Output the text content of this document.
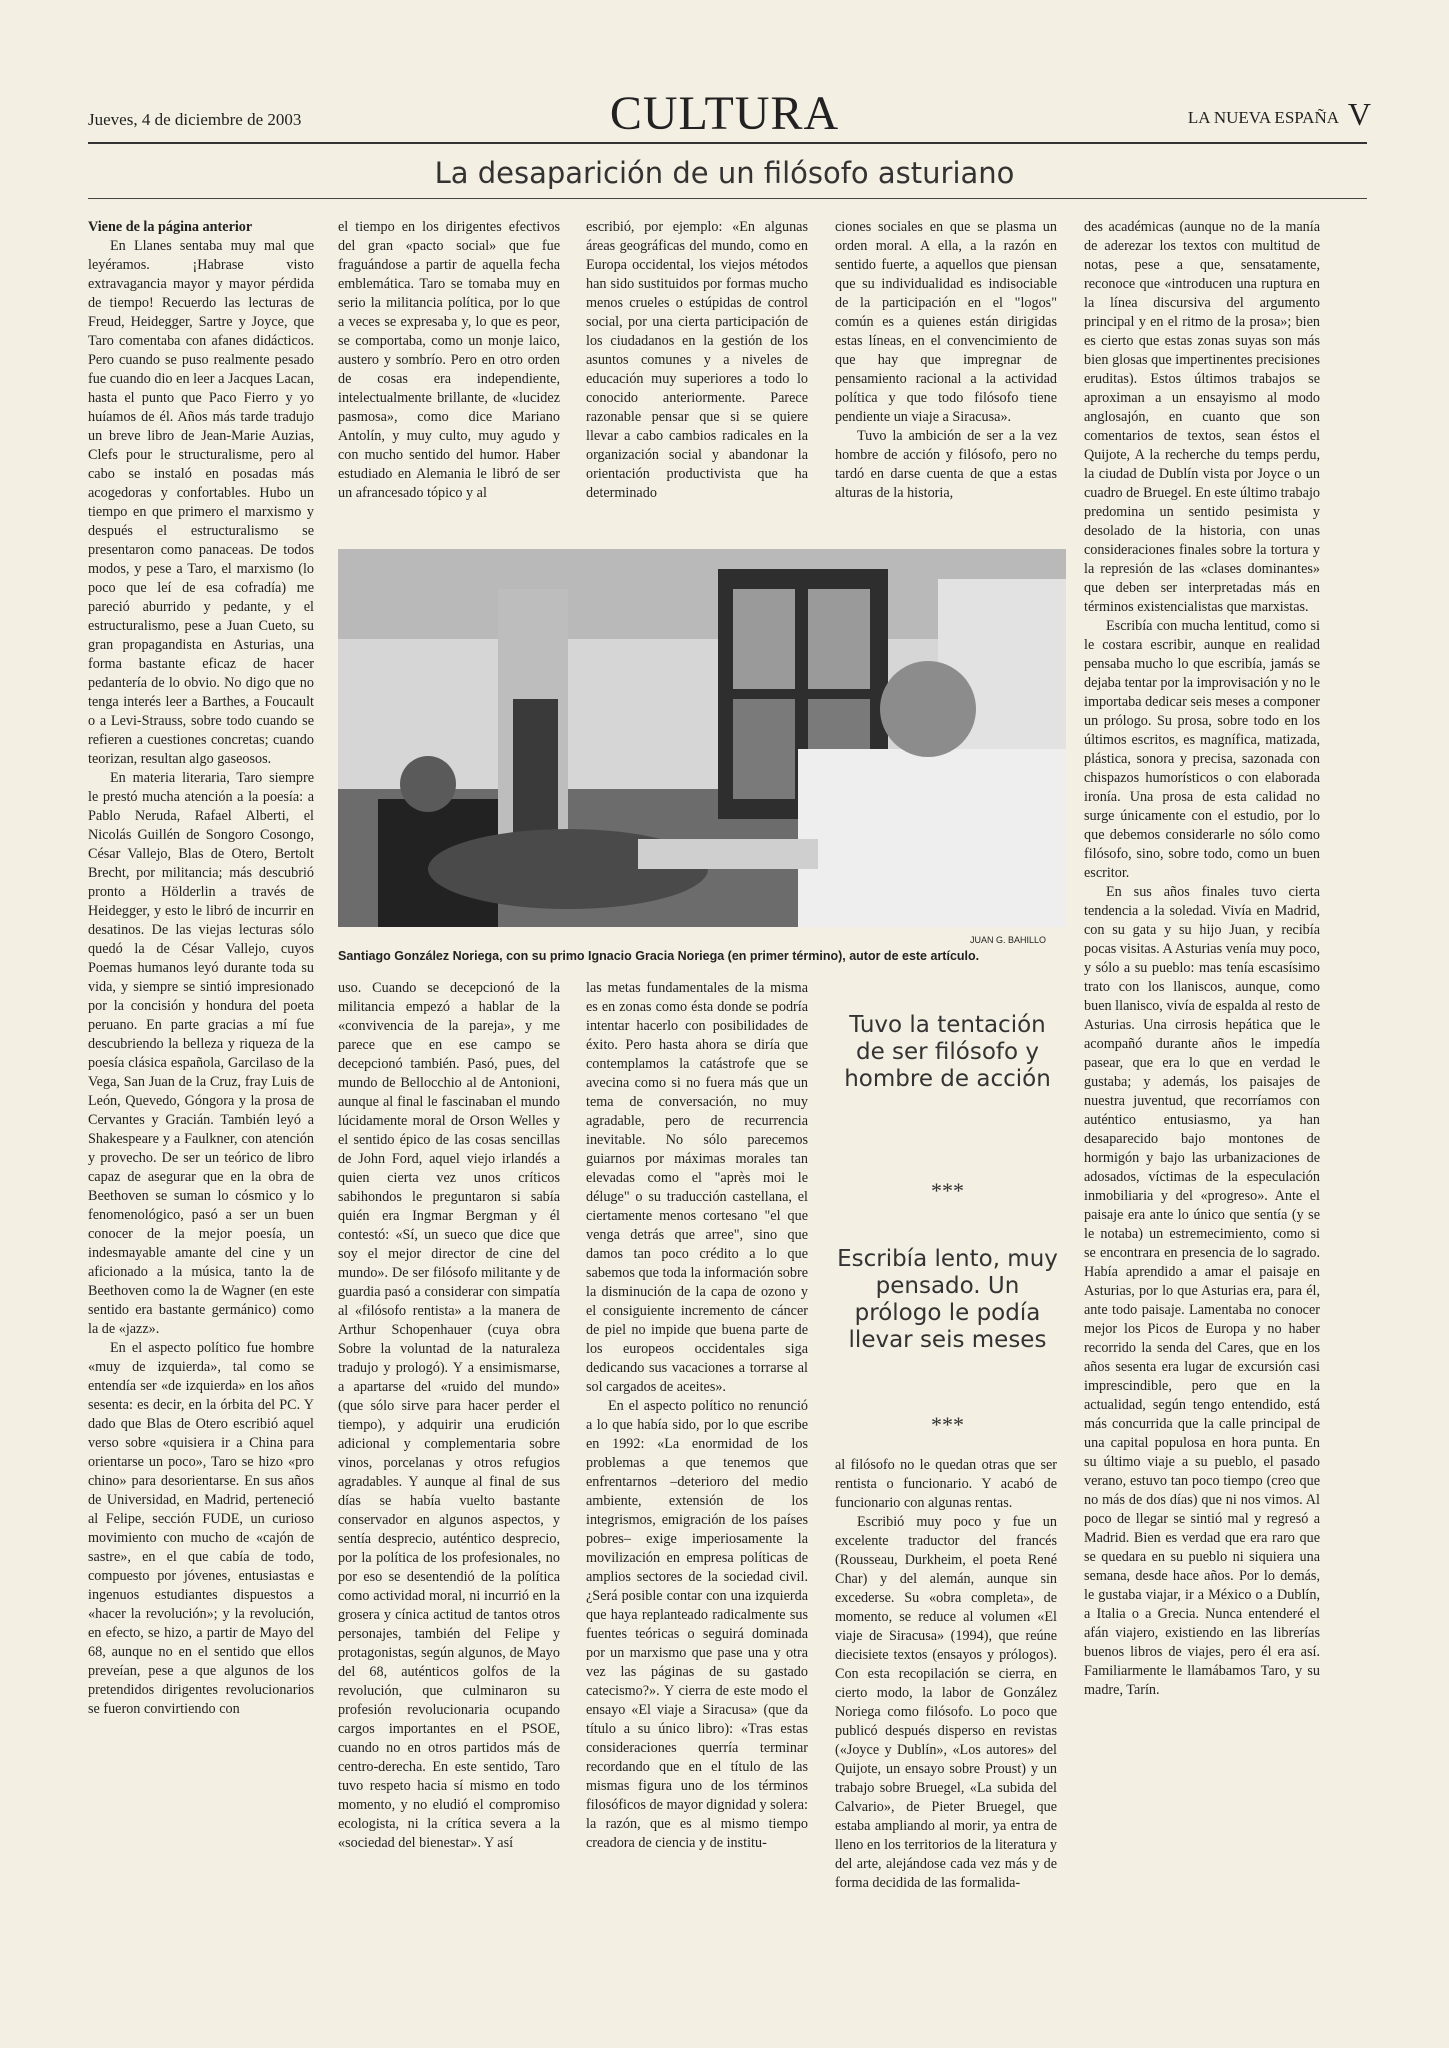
Jueves, 4 de diciembre de 2003	CULTURA	LA NUEVA ESPAÑA V
La desaparición de un filósofo asturiano

Viene de la página anterior

En Llanes sentaba muy mal que leyéramos. ¡Habrase visto extravagancia mayor y mayor pérdida de tiempo! Recuerdo las lecturas de Freud, Heidegger, Sartre y Joyce, que Taro comentaba con afanes didácticos. Pero cuando se puso realmente pesado fue cuando dio en leer a Jacques Lacan, hasta el punto que Paco Fierro y yo huíamos de él. Años más tarde tradujo un breve libro de Jean-Marie Auzias, Clefs pour le structuralisme, pero al cabo se instaló en posadas más acogedoras y confortables. Hubo un tiempo en que primero el marxismo y después el estructuralismo se presentaron como panaceas. De todos modos, y pese a Taro, el marxismo (lo poco que leí de esa cofradía) me pareció aburrido y pedante, y el estructuralismo, pese a Juan Cueto, su gran propagandista en Asturias, una forma bastante eficaz de hacer pedantería de lo obvio. No digo que no tenga interés leer a Barthes, a Foucault o a Levi-Strauss, sobre todo cuando se refieren a cuestiones concretas; cuando teorizan, resultan algo gaseosos.

En materia literaria, Taro siempre le prestó mucha atención a la poesía: a Pablo Neruda, Rafael Alberti, el Nicolás Guillén de Songoro Cosongo, César Vallejo, Blas de Otero, Bertolt Brecht, por militancia; más descubrió pronto a Hölderlin a través de Heidegger, y esto le libró de incurrir en desatinos. De las viejas lecturas sólo quedó la de César Vallejo, cuyos Poemas humanos leyó durante toda su vida, y siempre se sintió impresionado por la concisión y hondura del poeta peruano. En parte gracias a mí fue descubriendo la belleza y riqueza de la poesía clásica española, Garcilaso de la Vega, San Juan de la Cruz, fray Luis de León, Quevedo, Góngora y la prosa de Cervantes y Gracián. También leyó a Shakespeare y a Faulkner, con atención y provecho. De ser un teórico de libro capaz de asegurar que en la obra de Beethoven se suman lo cósmico y lo fenomenológico, pasó a ser un buen conocer de la mejor poesía, un indesmayable amante del cine y un aficionado a la música, tanto la de Beethoven como la de Wagner (en este sentido era bastante germánico) como la de «jazz».

En el aspecto político fue hombre «muy de izquierda», tal como se entendía ser «de izquierda» en los años sesenta: es decir, en la órbita del PC. Y dado que Blas de Otero escribió aquel verso sobre «quisiera ir a China para orientarse un poco», Taro se hizo «pro chino» para desorientarse. En sus años de Universidad, en Madrid, perteneció al Felipe, sección FUDE, un curioso movimiento con mucho de «cajón de sastre», en el que cabía de todo, compuesto por jóvenes, entusiastas e ingenuos estudiantes dispuestos a «hacer la revolución»; y la revolución, en efecto, se hizo, a partir de Mayo del 68, aunque no en el sentido que ellos preveían, pese a que algunos de los pretendidos dirigentes revolucionarios se fueron convirtiendo con

el tiempo en los dirigentes efectivos del gran «pacto social» que fue fraguándose a partir de aquella fecha emblemática. Taro se tomaba muy en serio la militancia política, por lo que a veces se expresaba y, lo que es peor, se comportaba, como un monje laico, austero y sombrío. Pero en otro orden de cosas era independiente, intelectualmente brillante, de «lucidez pasmosa», como dice Mariano Antolín, y muy culto, muy agudo y con mucho sentido del humor. Haber estudiado en Alemania le libró de ser un afrancesado tópico y al

escribió, por ejemplo: «En algunas áreas geográficas del mundo, como en Europa occidental, los viejos métodos han sido sustituidos por formas mucho menos crueles o estúpidas de control social, por una cierta participación de los ciudadanos en la gestión de los asuntos comunes y a niveles de educación muy superiores a todo lo conocido anteriormente. Parece razonable pensar que si se quiere llevar a cabo cambios radicales en la organización social y abandonar la orientación productivista que ha determinado

ciones sociales en que se plasma un orden moral. A ella, a la razón en sentido fuerte, a aquellos que piensan que su individualidad es indisociable de la participación en el "logos" común es a quienes están dirigidas estas líneas, en el convencimiento de que hay que impregnar de pensamiento racional a la actividad política y que todo filósofo tiene pendiente un viaje a Siracusa».

Tuvo la ambición de ser a la vez hombre de acción y filósofo, pero no tardó en darse cuenta de que a estas alturas de la historia,

des académicas (aunque no de la manía de aderezar los textos con multitud de notas, pese a que, sensatamente, reconoce que «introducen una ruptura en la línea discursiva del argumento principal y en el ritmo de la prosa»; bien es cierto que estas zonas suyas son más bien glosas que impertinentes precisiones eruditas). Estos últimos trabajos se aproximan a un ensayismo al modo anglosajón, en cuanto que son comentarios de textos, sean éstos el Quijote, A la recherche du temps perdu, la ciudad de Dublín vista por Joyce o un cuadro de Bruegel. En este último trabajo predomina un sentido pesimista y desolado de la historia, con unas consideraciones finales sobre la tortura y la represión de las «clases dominantes» que deben ser interpretadas más en términos existencialistas que marxistas.

Escribía con mucha lentitud, como si le costara escribir, aunque en realidad pensaba mucho lo que escribía, jamás se dejaba tentar por la improvisación y no le importaba dedicar seis meses a componer un prólogo. Su prosa, sobre todo en los últimos escritos, es magnífica, matizada, plástica, sonora y precisa, sazonada con chispazos humorísticos o con elaborada ironía. Una prosa de esta calidad no surge únicamente con el estudio, por lo que debemos considerarle no sólo como filósofo, sino, sobre todo, como un buen escritor.

En sus años finales tuvo cierta tendencia a la soledad. Vivía en Madrid, con su gata y su hijo Juan, y recibía pocas visitas. A Asturias venía muy poco, y sólo a su pueblo: mas tenía escasísimo trato con los llaniscos, aunque, como buen llanisco, vivía de espalda al resto de Asturias. Una cirrosis hepática que le acompañó durante años le impedía pasear, que era lo que en verdad le gustaba; y además, los paisajes de nuestra juventud, que recorríamos con auténtico entusiasmo, ya han desaparecido bajo montones de hormigón y bajo las urbanizaciones de adosados, víctimas de la especulación inmobiliaria y del «progreso». Ante el paisaje era ante lo único que sentía (y se le notaba) un estremecimiento, como si se encontrara en presencia de lo sagrado. Había aprendido a amar el paisaje en Asturias, por lo que Asturias era, para él, ante todo paisaje. Lamentaba no conocer mejor los Picos de Europa y no haber recorrido la senda del Cares, que en los años sesenta era lugar de excursión casi imprescindible, pero que en la actualidad, según tengo entendido, está más concurrida que la calle principal de una capital populosa en hora punta. En su último viaje a su pueblo, el pasado verano, estuvo tan poco tiempo (creo que no más de dos días) que ni nos vimos. Al poco de llegar se sintió mal y regresó a Madrid. Bien es verdad que era raro que se quedara en su pueblo ni siquiera una semana, desde hace años. Por lo demás, le gustaba viajar, ir a México o a Dublín, a Italia o a Grecia. Nunca entenderé el afán viajero, existiendo en las librerías buenos libros de viajes, pero él era así. Familiarmente le llamábamos Taro, y su madre, Tarín.

JUAN G. BAHILLO
Santiago González Noriega, con su primo Ignacio Gracia Noriega (en primer término), autor de este artículo.

uso. Cuando se decepcionó de la militancia empezó a hablar de la «convivencia de la pareja», y me parece que en ese campo se decepcionó también. Pasó, pues, del mundo de Bellocchio al de Antonioni, aunque al final le fascinaban el mundo lúcidamente moral de Orson Welles y el sentido épico de las cosas sencillas de John Ford, aquel viejo irlandés a quien cierta vez unos críticos sabihondos le preguntaron si sabía quién era Ingmar Bergman y él contestó: «Sí, un sueco que dice que soy el mejor director de cine del mundo». De ser filósofo militante y de guardia pasó a considerar con simpatía al «filósofo rentista» a la manera de Arthur Schopenhauer (cuya obra Sobre la voluntad de la naturaleza tradujo y prologó). Y a ensimismarse, a apartarse del «ruido del mundo» (que sólo sirve para hacer perder el tiempo), y adquirir una erudición adicional y complementaria sobre vinos, porcelanas y otros refugios agradables. Y aunque al final de sus días se había vuelto bastante conservador en algunos aspectos, y sentía desprecio, auténtico desprecio, por la política de los profesionales, no por eso se desentendió de la política como actividad moral, ni incurrió en la grosera y cínica actitud de tantos otros personajes, también del Felipe y protagonistas, según algunos, de Mayo del 68, auténticos golfos de la revolución, que culminaron su profesión revolucionaria ocupando cargos importantes en el PSOE, cuando no en otros partidos más de centro-derecha. En este sentido, Taro tuvo respeto hacia sí mismo en todo momento, y no eludió el compromiso ecologista, ni la crítica severa a la «sociedad del bienestar». Y así

las metas fundamentales de la misma es en zonas como ésta donde se podría intentar hacerlo con posibilidades de éxito. Pero hasta ahora se diría que contemplamos la catástrofe que se avecina como si no fuera más que un tema de conversación, no muy agradable, pero de recurrencia inevitable. No sólo parecemos guiarnos por máximas morales tan elevadas como el "après moi le déluge" o su traducción castellana, el ciertamente menos cortesano "el que venga detrás que arree", sino que damos tan poco crédito a lo que sabemos que toda la información sobre la disminución de la capa de ozono y el consiguiente incremento de cáncer de piel no impide que buena parte de los europeos occidentales siga dedicando sus vacaciones a torrarse al sol cargados de aceites».

En el aspecto político no renunció a lo que había sido, por lo que escribe en 1992: «La enormidad de los problemas a que tenemos que enfrentarnos –deterioro del medio ambiente, extensión de los integrismos, emigración de los países pobres– exige imperiosamente la movilización en empresa políticas de amplios sectores de la sociedad civil. ¿Será posible contar con una izquierda que haya replanteado radicalmente sus fuentes teóricas o seguirá dominada por un marxismo que pase una y otra vez las páginas de su gastado catecismo?». Y cierra de este modo el ensayo «El viaje a Siracusa» (que da título a su único libro): «Tras estas consideraciones querría terminar recordando que en el título de las mismas figura uno de los términos filosóficos de mayor dignidad y solera: la razón, que es al mismo tiempo creadora de ciencia y de institu-

Tuvo la tentación de ser filósofo y hombre de acción
***
Escribía lento, muy pensado. Un prólogo le podía llevar seis meses
***

al filósofo no le quedan otras que ser rentista o funcionario. Y acabó de funcionario con algunas rentas.

Escribió muy poco y fue un excelente traductor del francés (Rousseau, Durkheim, el poeta René Char) y del alemán, aunque sin excederse. Su «obra completa», de momento, se reduce al volumen «El viaje de Siracusa» (1994), que reúne diecisiete textos (ensayos y prólogos). Con esta recopilación se cierra, en cierto modo, la labor de González Noriega como filósofo. Lo poco que publicó después disperso en revistas («Joyce y Dublín», «Los autores» del Quijote, un ensayo sobre Proust) y un trabajo sobre Bruegel, «La subida del Calvario», de Pieter Bruegel, que estaba ampliando al morir, ya entra de lleno en los territorios de la literatura y del arte, alejándose cada vez más y de forma decidida de las formalida-
